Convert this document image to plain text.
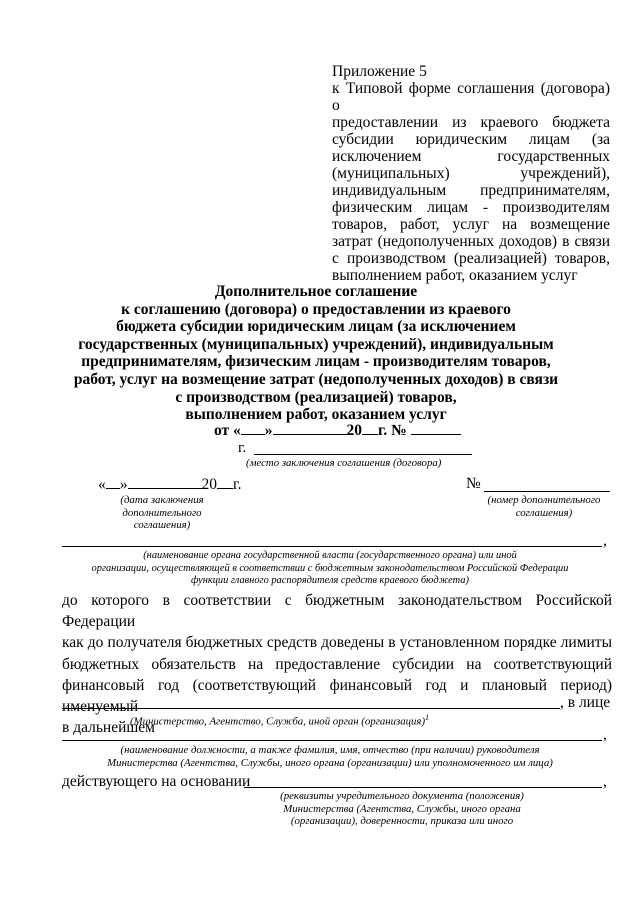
Приложение 5
к Типовой форме соглашения (договора) о
предоставлении из краевого бюджета
субсидии юридическим лицам (за
исключением государственных
(муниципальных) учреждений),
индивидуальным предпринимателям,
физическим лицам - производителям
товаров, работ, услуг на возмещение
затрат (недополученных доходов) в связи
с производством (реализацией) товаров,
выполнением работ, оказанием услуг
Дополнительное соглашение
к соглашению (договора) о предоставлении из краевого
бюджета субсидии юридическим лицам (за исключением
государственных (муниципальных) учреждений), индивидуальным
предпринимателям, физическим лицам - производителям товаров,
работ, услуг на возмещение затрат (недополученных доходов) в связи
с производством (реализацией) товаров,
выполнением работ, оказанием услуг
от « »	20 г. №
г.
(место заключения соглашения (договора)
« »	20 г.
(дата заключения
дополнительного
соглашения)
№
(номер дополнительного
соглашения)
,
(наименование органа государственной власти (государственного органа) или иной
организации, осуществляющей в соответствии с бюджетным законодательством Российской Федерации
функции главного распорядителя средств краевого бюджета)
до которого в соответствии с бюджетным законодательством Российской Федерации
как до получателя бюджетных средств доведены в установленном порядке лимиты
бюджетных обязательств на предоставление субсидии на соответствующий
финансовый год (соответствующий финансовый год и плановый период) именуемый
в дальнейшем
, в лице
(Министерство, Агентство, Служба, иной орган (организация)$^1$
,
(наименование должности, а также фамилия, имя, отчество (при наличии) руководителя
Министерства (Агентства, Службы, иного органа (организации) или уполномоченного им лица)
действующего на основании	,
(реквизиты учредительного документа (положения)
Министерства (Агентства, Службы, иного органа
(организации), доверенности, приказа или иного
